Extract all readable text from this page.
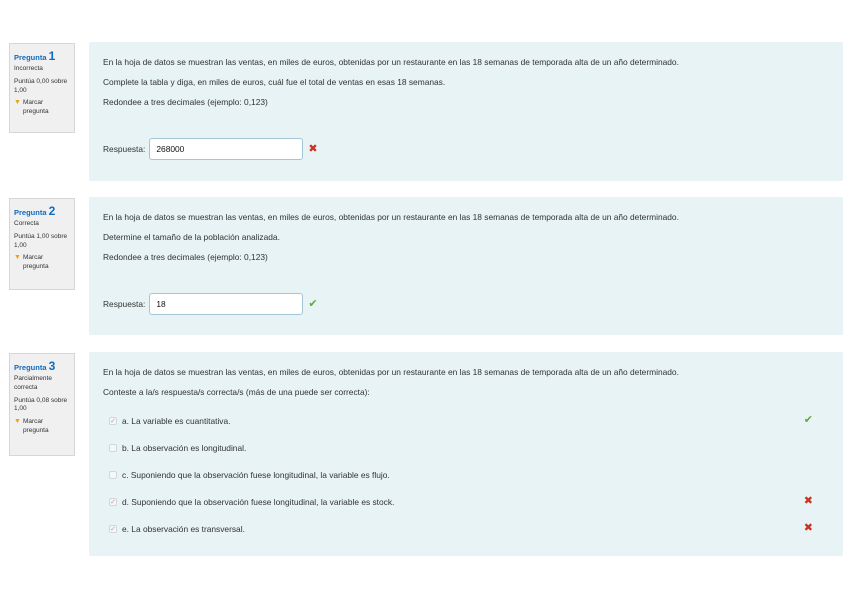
Pregunta 1
Incorrecta
Puntúa 0,00 sobre 1,00
▼ Marcar pregunta

En la hoja de datos se muestran las ventas, en miles de euros, obtenidas por un restaurante en las 18 semanas de temporada alta de un año determinado.

Complete la tabla y diga, en miles de euros, cuál fue el total de ventas en esas 18 semanas.

Redondee a tres decimales (ejemplo: 0,123)

Respuesta:	268000	✖
Pregunta 2
Correcta
Puntúa 1,00 sobre 1,00
▼ Marcar pregunta

En la hoja de datos se muestran las ventas, en miles de euros, obtenidas por un restaurante en las 18 semanas de temporada alta de un año determinado.

Determine el tamaño de la población analizada.

Redondee a tres decimales (ejemplo: 0,123)

Respuesta:	18	✔
Pregunta 3
Parcialmente correcta
Puntúa 0,08 sobre 1,00
▼ Marcar pregunta

En la hoja de datos se muestran las ventas, en miles de euros, obtenidas por un restaurante en las 18 semanas de temporada alta de un año determinado.

Conteste a la/s respuesta/s correcta/s (más de una puede ser correcta):

✓ a. La variable es cuantitativa.	✔
b. La observación es longitudinal.
c. Suponiendo que la observación fuese longitudinal, la variable es flujo.
✓ d. Suponiendo que la observación fuese longitudinal, la variable es stock.	✖
✓ e. La observación es transversal.	✖
